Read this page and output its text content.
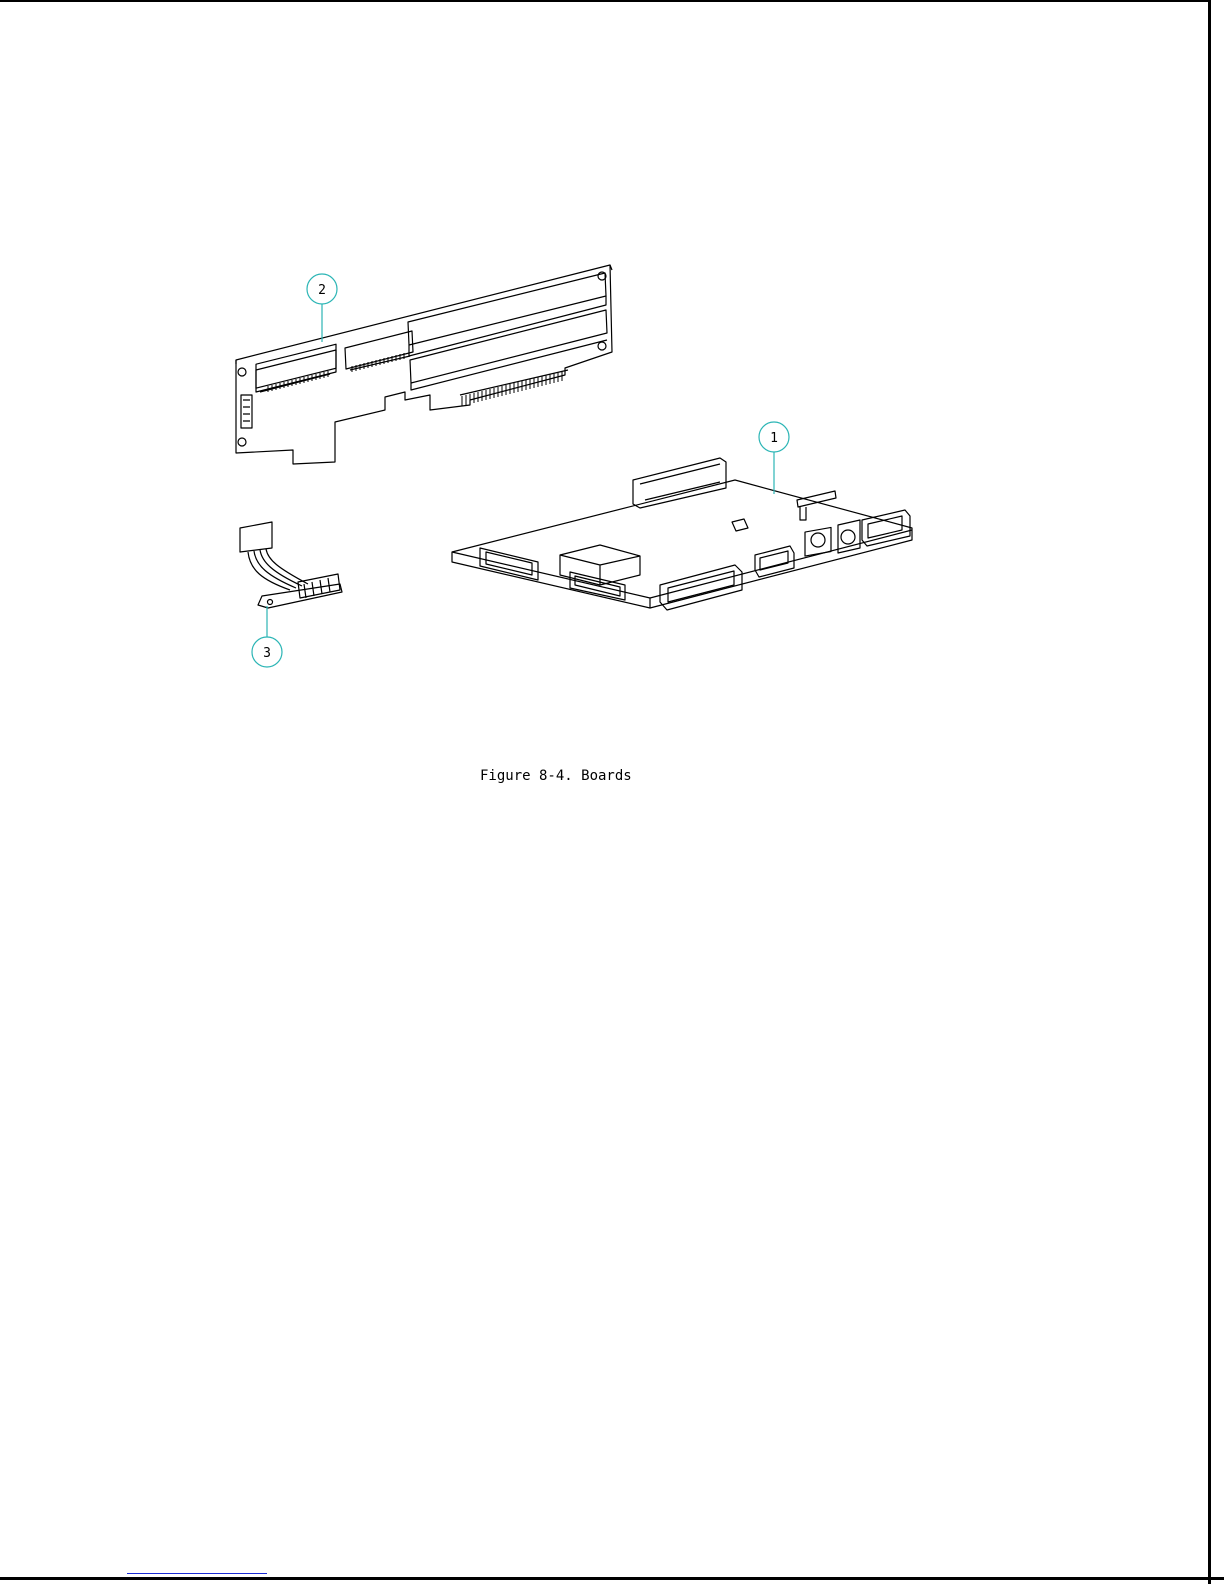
2
1
3
Figure 8-4. Boards
